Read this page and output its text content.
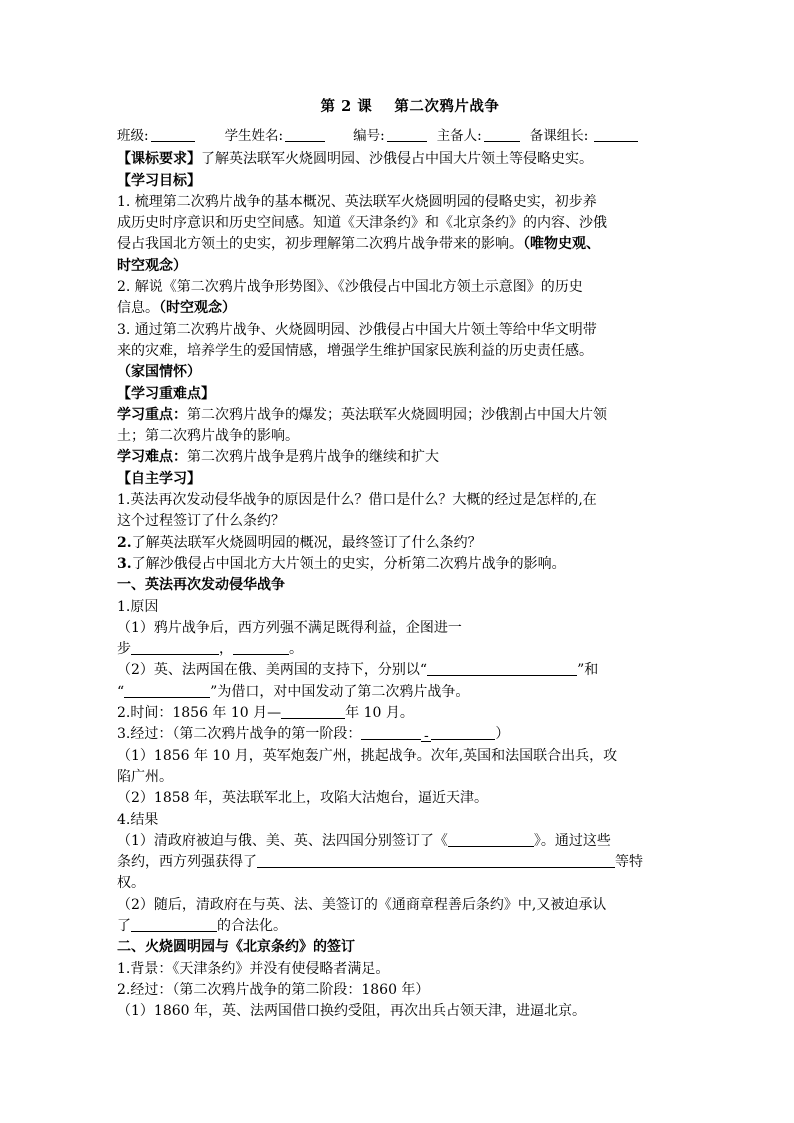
第 2 课    第二次鸦片战争
班级:	学生姓名:	编号:	主备人:	备课组长:
【课标要求】了解英法联军火烧圆明园、沙俄侵占中国大片领土等侵略史实。
【学习目标】
1. 梳理第二次鸦片战争的基本概况、英法联军火烧圆明园的侵略史实，初步养
成历史时序意识和历史空间感。知道《天津条约》和《北京条约》的内容、沙俄
侵占我国北方领土的史实，初步理解第二次鸦片战争带来的影响。（唯物史观、
时空观念）
2. 解说《第二次鸦片战争形势图》、《沙俄侵占中国北方领土示意图》的历史
信息。（时空观念）
3. 通过第二次鸦片战争、火烧圆明园、沙俄侵占中国大片领土等给中华文明带
来的灾难，培养学生的爱国情感，增强学生维护国家民族利益的历史责任感。
（家国情怀）
【学习重难点】
学习重点：第二次鸦片战争的爆发；英法联军火烧圆明园；沙俄割占中国大片领
土；第二次鸦片战争的影响。
学习难点：第二次鸦片战争是鸦片战争的继续和扩大
【自主学习】
1.英法再次发动侵华战争的原因是什么？借口是什么？大概的经过是怎样的,在
这个过程签订了什么条约？
2.了解英法联军火烧圆明园的概况，最终签订了什么条约？
3.了解沙俄侵占中国北方大片领土的史实，分析第二次鸦片战争的影响。
一、英法再次发动侵华战争
1.原因
（1）鸦片战争后，西方列强不满足既得利益，企图进一
步	，	。
（2）英、法两国在俄、美两国的支持下，分别以“	”和
“	”为借口，对中国发动了第二次鸦片战争。
2.时间：1856 年 10 月—	年 10 月。
3.经过：（第二次鸦片战争的第一阶段：	-	）
（1）1856 年 10 月，英军炮轰广州，挑起战争。次年,英国和法国联合出兵，攻
陷广州。
（2）1858 年，英法联军北上，攻陷大沽炮台，逼近天津。
4.结果
（1）清政府被迫与俄、美、英、法四国分别签订了《	》。通过这些
条约，西方列强获得了	等特
权。
（2）随后，清政府在与英、法、美签订的《通商章程善后条约》中,又被迫承认
了	的合法化。
二、火烧圆明园与《北京条约》的签订
1.背景：《天津条约》并没有使侵略者满足。
2.经过：（第二次鸦片战争的第二阶段：1860 年）
（1）1860 年，英、法两国借口换约受阻，再次出兵占领天津，进逼北京。
